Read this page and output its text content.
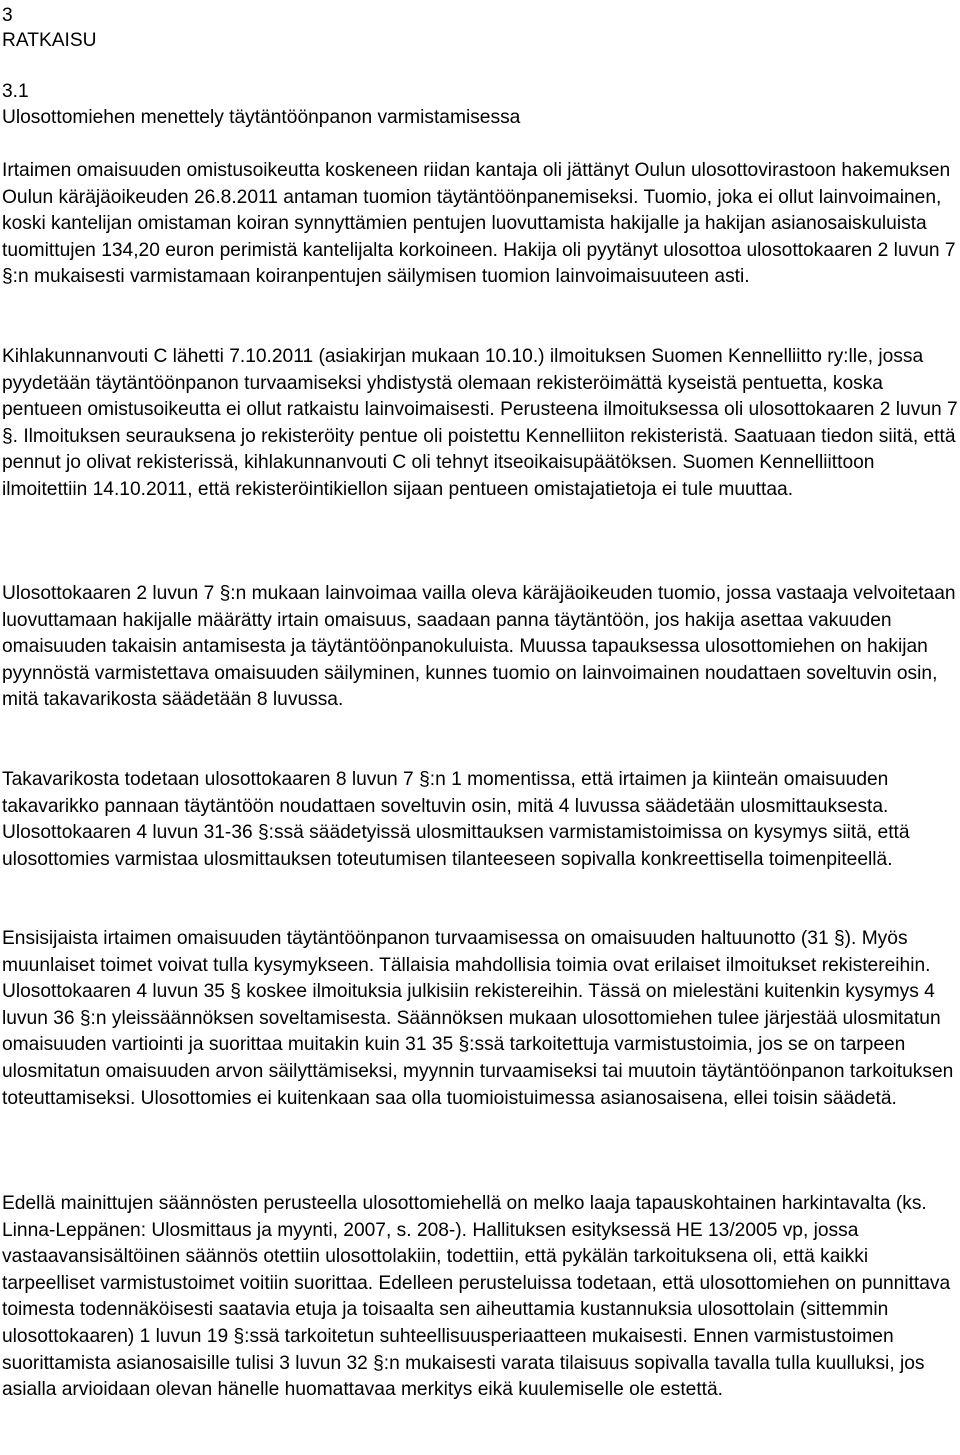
3
RATKAISU
3.1
Ulosottomiehen menettely täytäntöönpanon varmistamisessa

Irtaimen omaisuuden omistusoikeutta koskeneen riidan kantaja oli jättänyt Oulun ulosottovirastoon hakemuksen Oulun käräjäoikeuden 26.8.2011 antaman tuomion täytäntöönpanemiseksi. Tuomio, joka ei ollut lainvoimainen, koski kantelijan omistaman koiran synnyttämien pentujen luovuttamista hakijalle ja hakijan asianosaiskuluista tuomittujen 134,20 euron perimistä kantelijalta korkoineen. Hakija oli pyytänyt ulosottoa ulosottokaaren 2 luvun 7 §:n mukaisesti varmistamaan koiranpentujen säilymisen tuomion lainvoimaisuuteen asti.

Kihlakunnanvouti C lähetti 7.10.2011 (asiakirjan mukaan 10.10.) ilmoituksen Suomen Kennelliitto ry:lle, jossa pyydetään täytäntöönpanon turvaamiseksi yhdistystä olemaan rekisteröimättä kyseistä pentuetta, koska pentueen omistusoikeutta ei ollut ratkaistu lainvoimaisesti. Perusteena ilmoituksessa oli ulosottokaaren 2 luvun 7 §. Ilmoituksen seurauksena jo rekisteröity pentue oli poistettu Kennelliiton rekisteristä. Saatuaan tiedon siitä, että pennut jo olivat rekisterissä, kihlakunnanvouti C oli tehnyt itseoikaisupäätöksen. Suomen Kennelliittoon ilmoitettiin 14.10.2011, että rekisteröintikiellon sijaan pentueen omistajatietoja ei tule muuttaa.

Ulosottokaaren 2 luvun 7 §:n mukaan lainvoimaa vailla oleva käräjäoikeuden tuomio, jossa vastaaja velvoitetaan luovuttamaan hakijalle määrätty irtain omaisuus, saadaan panna täytäntöön, jos hakija asettaa vakuuden omaisuuden takaisin antamisesta ja täytäntöönpanokuluista. Muussa tapauksessa ulosottomiehen on hakijan pyynnöstä varmistettava omaisuuden säilyminen, kunnes tuomio on lainvoimainen noudattaen soveltuvin osin, mitä takavarikosta säädetään 8 luvussa.

Takavarikosta todetaan ulosottokaaren 8 luvun 7 §:n 1 momentissa, että irtaimen ja kiinteän omaisuuden takavarikko pannaan täytäntöön noudattaen soveltuvin osin, mitä 4 luvussa säädetään ulosmittauksesta. Ulosottokaaren 4 luvun 31-36 §:ssä säädetyissä ulosmittauksen varmistamistoimissa on kysymys siitä, että ulosottomies varmistaa ulosmittauksen toteutumisen tilanteeseen sopivalla konkreettisella toimenpiteellä.

Ensisijaista irtaimen omaisuuden täytäntöönpanon turvaamisessa on omaisuuden haltuunotto (31 §). Myös muunlaiset toimet voivat tulla kysymykseen. Tällaisia mahdollisia toimia ovat erilaiset ilmoitukset rekistereihin. Ulosottokaaren 4 luvun 35 § koskee ilmoituksia julkisiin rekistereihin. Tässä on mielestäni kuitenkin kysymys 4 luvun 36 §:n yleissäännöksen soveltamisesta. Säännöksen mukaan ulosottomiehen tulee järjestää ulosmitatun omaisuuden vartiointi ja suorittaa muitakin kuin 31 35 §:ssä tarkoitettuja varmistustoimia, jos se on tarpeen ulosmitatun omaisuuden arvon säilyttämiseksi, myynnin turvaamiseksi tai muutoin täytäntöönpanon tarkoituksen toteuttamiseksi. Ulosottomies ei kuitenkaan saa olla tuomioistuimessa asianosaisena, ellei toisin säädetä.

Edellä mainittujen säännösten perusteella ulosottomiehellä on melko laaja tapauskohtainen harkintavalta (ks. Linna-Leppänen: Ulosmittaus ja myynti, 2007, s. 208-). Hallituksen esityksessä HE 13/2005 vp, jossa vastaavansisältöinen säännös otettiin ulosottolakiin, todettiin, että pykälän tarkoituksena oli, että kaikki tarpeelliset varmistustoimet voitiin suorittaa. Edelleen perusteluissa todetaan, että ulosottomiehen on punnittava toimesta todennäköisesti saatavia etuja ja toisaalta sen aiheuttamia kustannuksia ulosottolain (sittemmin ulosottokaaren) 1 luvun 19 §:ssä tarkoitetun suhteellisuusperiaatteen mukaisesti. Ennen varmistustoimen suorittamista asianosaisille tulisi 3 luvun 32 §:n mukaisesti varata tilaisuus sopivalla tavalla tulla kuulluksi, jos asialla arvioidaan olevan hänelle huomattavaa merkitys eikä kuulemiselle ole estettä.
